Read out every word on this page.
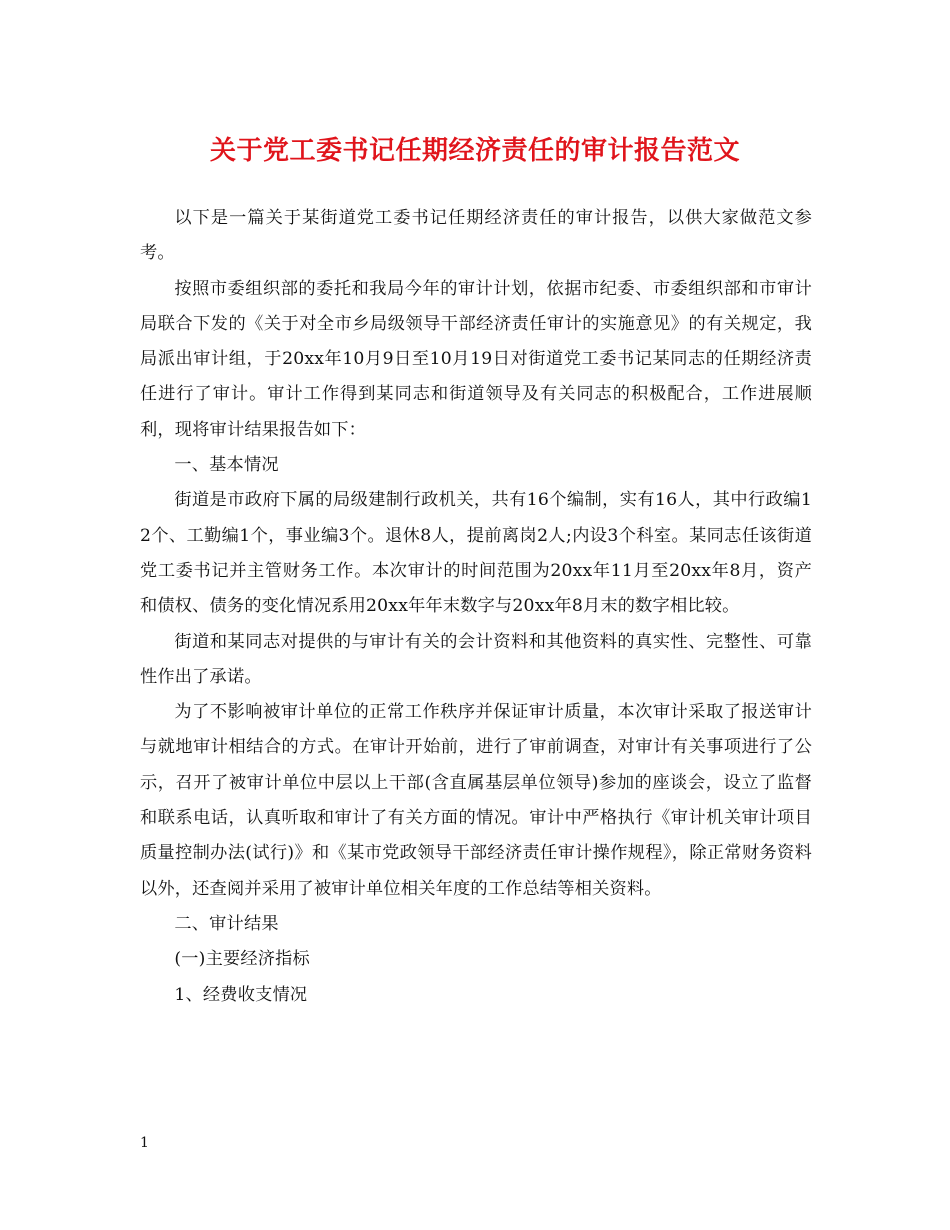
关于党工委书记任期经济责任的审计报告范文

以下是一篇关于某街道党工委书记任期经济责任的审计报告，以供大家做范文参考。

按照市委组织部的委托和我局今年的审计计划，依据市纪委、市委组织部和市审计局联合下发的《关于对全市乡局级领导干部经济责任审计的实施意见》的有关规定，我局派出审计组，于20xx年10月9日至10月19日对街道党工委书记某同志的任期经济责任进行了审计。审计工作得到某同志和街道领导及有关同志的积极配合，工作进展顺利，现将审计结果报告如下：

一、基本情况

街道是市政府下属的局级建制行政机关，共有16个编制，实有16人，其中行政编12个、工勤编1个，事业编3个。退休8人，提前离岗2人;内设3个科室。某同志任该街道党工委书记并主管财务工作。本次审计的时间范围为20xx年11月至20xx年8月，资产和债权、债务的变化情况系用20xx年年末数字与20xx年8月末的数字相比较。

街道和某同志对提供的与审计有关的会计资料和其他资料的真实性、完整性、可靠性作出了承诺。

为了不影响被审计单位的正常工作秩序并保证审计质量，本次审计采取了报送审计与就地审计相结合的方式。在审计开始前，进行了审前调查，对审计有关事项进行了公示，召开了被审计单位中层以上干部(含直属基层单位领导)参加的座谈会，设立了监督和联系电话，认真听取和审计了有关方面的情况。审计中严格执行《审计机关审计项目质量控制办法(试行)》和《某市党政领导干部经济责任审计操作规程》，除正常财务资料以外，还查阅并采用了被审计单位相关年度的工作总结等相关资料。

二、审计结果

(一)主要经济指标

1、经费收支情况

1
